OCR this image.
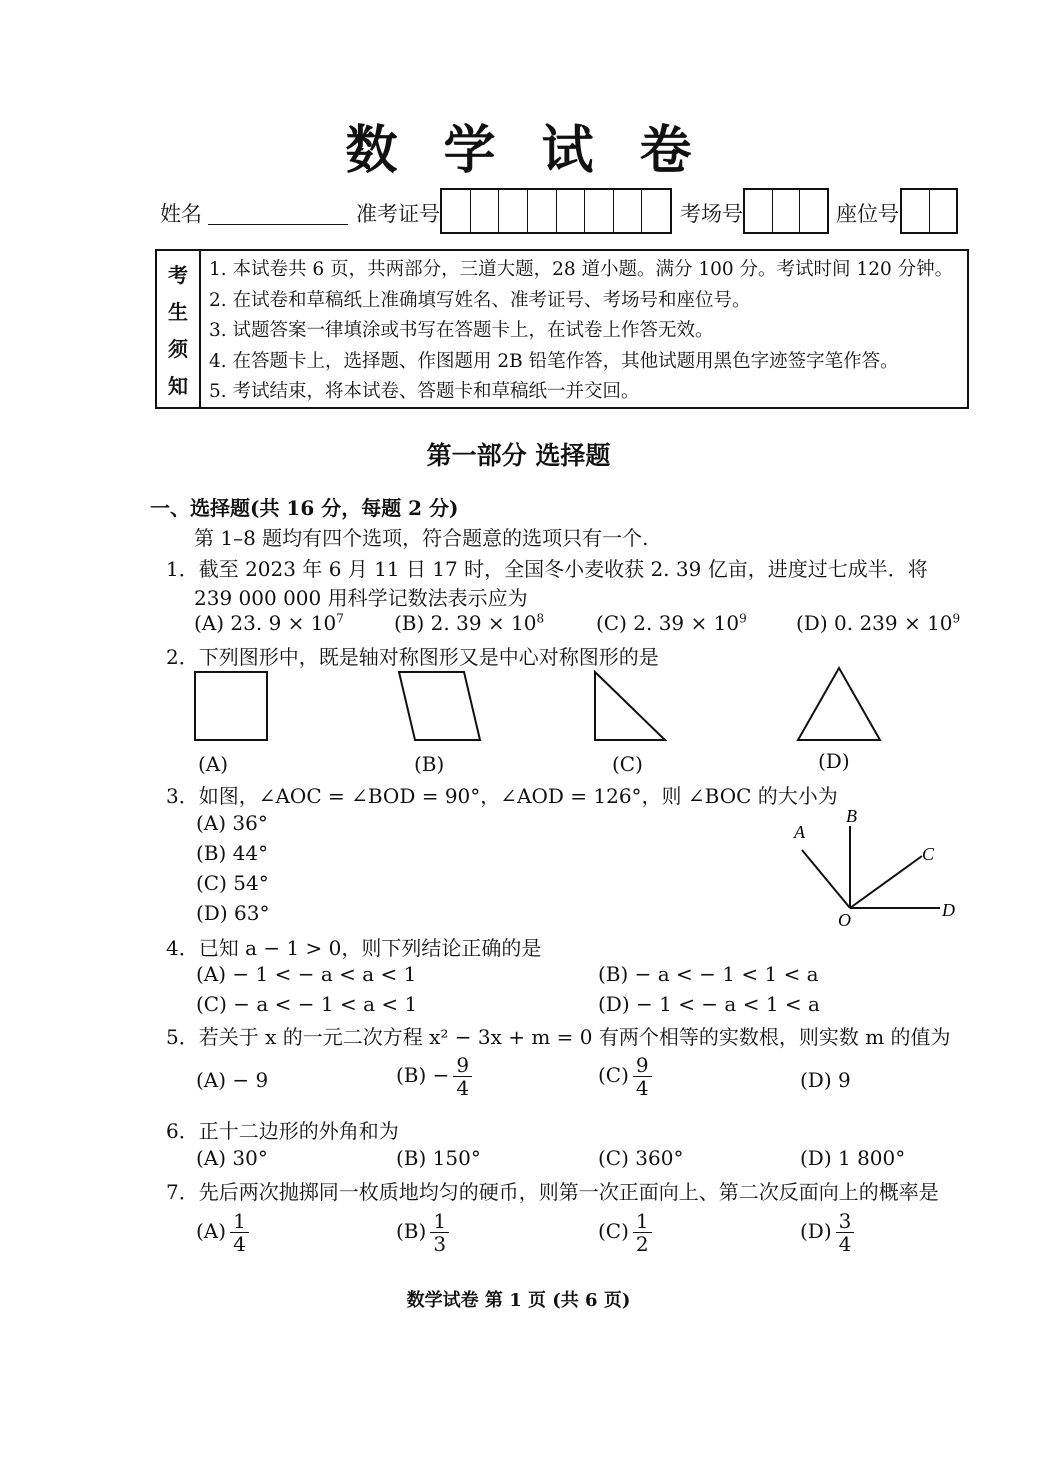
数学试卷
姓名	准考证号	考场号	座位号
考
生
须
知
1. 本试卷共 6 页，共两部分，三道大题，28 道小题。满分 100 分。考试时间 120 分钟。
2. 在试卷和草稿纸上准确填写姓名、准考证号、考场号和座位号。
3. 试题答案一律填涂或书写在答题卡上，在试卷上作答无效。
4. 在答题卡上，选择题、作图题用 2B 铅笔作答，其他试题用黑色字迹签字笔作答。
5. 考试结束，将本试卷、答题卡和草稿纸一并交回。
第一部分 选择题
一、选择题(共 16 分，每题 2 分)
第 1–8 题均有四个选项，符合题意的选项只有一个.
1．截至 2023 年 6 月 11 日 17 时，全国冬小麦收获 2. 39 亿亩，进度过七成半．将
239 000 000 用科学记数法表示应为
(A) 23. $9 \times 10^7$	(B) 2. $39 \times 10^8$	(C) 2. $39 \times 10^9$ (D) 0. $239 \times 10^9$
2．下列图形中，既是轴对称图形又是中心对称图形的是
(A)	(B)	(C)	(D)
3．如图，∠AOC = ∠BOD = 90°，∠AOD = 126°，则 ∠BOC 的大小为
(A) 36°
(B) 44°
(C) 54°
(D) 63°
A
B
C
D
O
4．已知 a − 1 > 0，则下列结论正确的是
(A) − 1 < − a < a < 1	(B) − a < − 1 < 1 < a
(C) − a < − 1 < a < 1	(D) − 1 < − a < 1 < a
5．若关于 x 的一元二次方程 x² − 3x + m = 0 有两个相等的实数根，则实数 m 的值为
(A) − 9	$(B) - \frac{9}{4}$	$(C) \frac{9}{4}$	(D) 9
6．正十二边形的外角和为
(A) 30°	(B) 150°	(C) 360°	(D) 1 800°
7．先后两次抛掷同一枚质地均匀的硬币，则第一次正面向上、第二次反面向上的概率是
$(A) \frac{1}{4}$	$(B) \frac{1}{3}$	$(C) \frac{1}{2}$	$(D) \frac{3}{4}$
数学试卷 第 1 页 (共 6 页)
